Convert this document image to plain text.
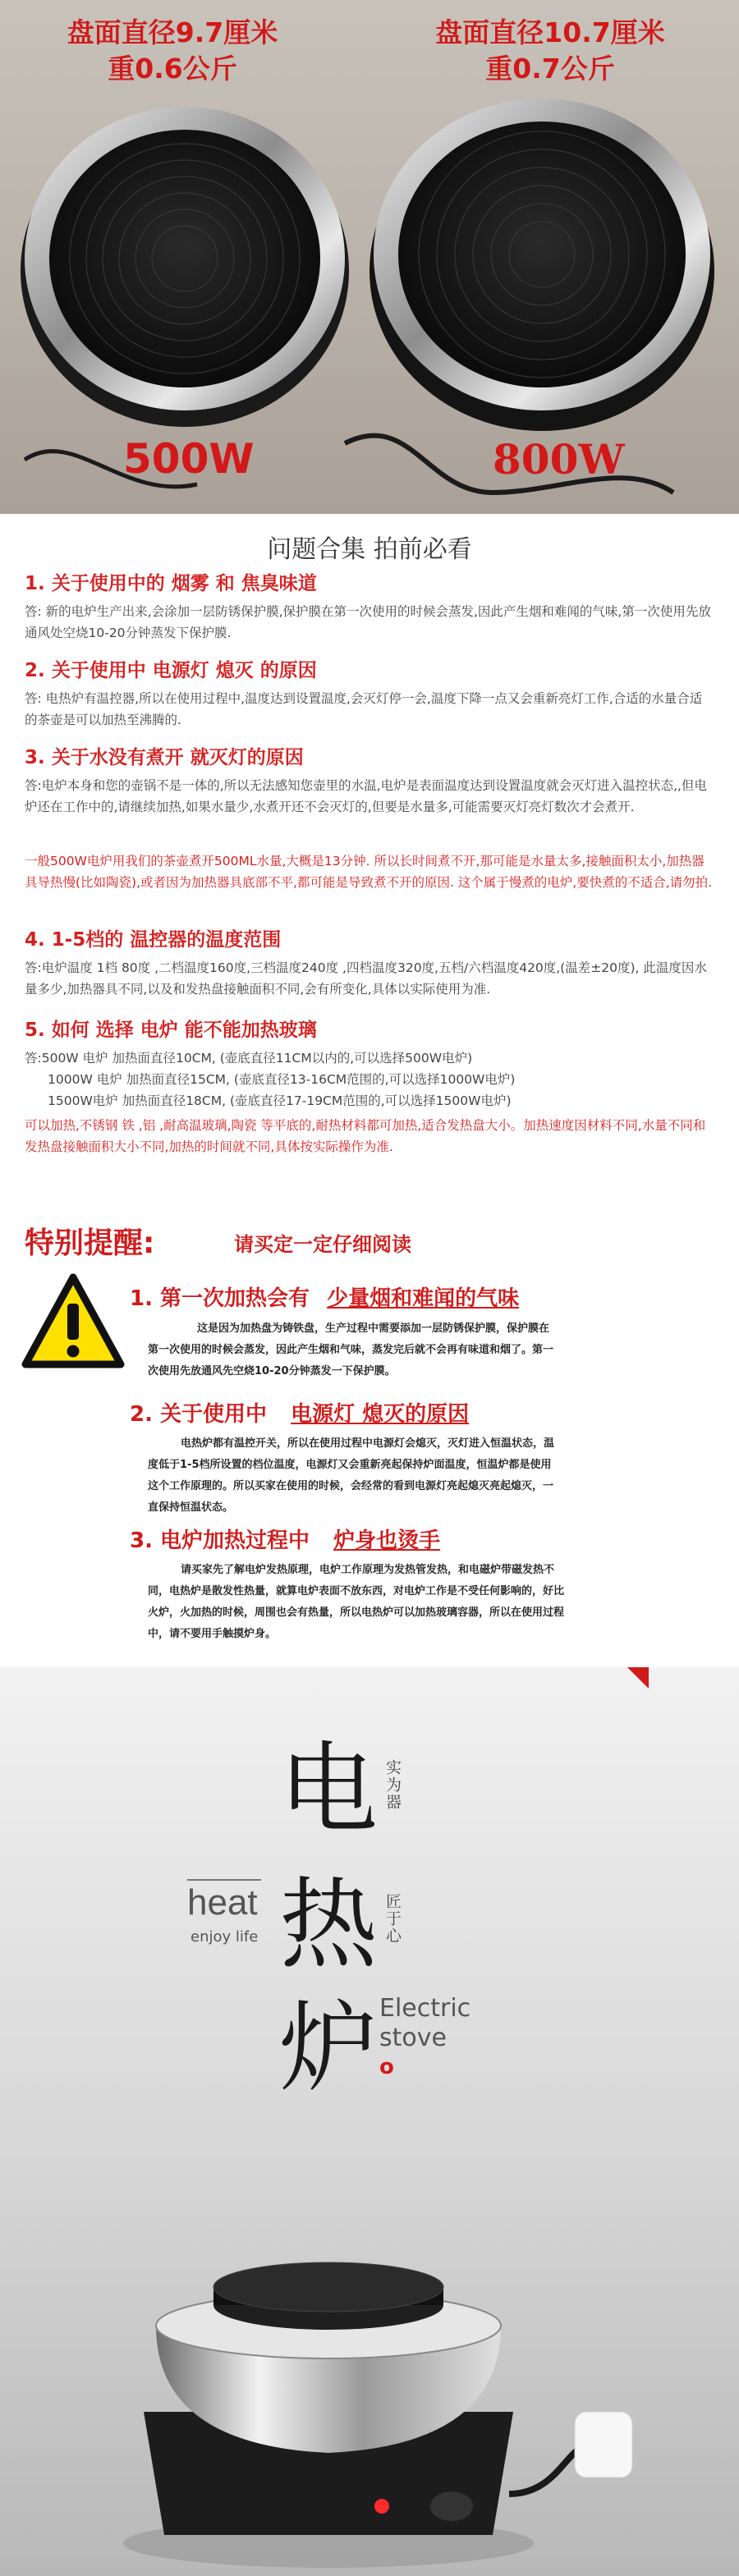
盘面直径9.7厘米
重0.6公斤
盘面直径10.7厘米
重0.7公斤
500W	800W
问题合集 拍前必看
1. 关于使用中的 烟雾 和 焦臭味道
答: 新的电炉生产出来,会涂加一层防锈保护膜,保护膜在第一次使用的时候会蒸发,因此产生烟和难闻的气味,第一次使用先放通风处空烧10-20分钟蒸发下保护膜.
2. 关于使用中 电源灯 熄灭 的原因
答: 电热炉有温控器,所以在使用过程中,温度达到设置温度,会灭灯停一会,温度下降一点又会重新亮灯工作,合适的水量合适的茶壶是可以加热至沸腾的.
3. 关于水没有煮开 就灭灯的原因
答:电炉本身和您的壶锅不是一体的,所以无法感知您壶里的水温,电炉是表面温度达到设置温度就会灭灯进入温控状态,,但电炉还在工作中的,请继续加热,如果水量少,水煮开还不会灭灯的,但要是水量多,可能需要灭灯亮灯数次才会煮开.
一般500W电炉用我们的茶壶煮开500ML水量,大概是13分钟. 所以长时间煮不开,那可能是水量太多,接触面积太小,加热器具导热慢(比如陶瓷),或者因为加热器具底部不平,都可能是导致煮不开的原因. 这个属于慢煮的电炉,要快煮的不适合,请勿拍.
4. 1-5档的 温控器的温度范围
答:电炉温度 1档 80度 ,二档温度160度,三档温度240度 ,四档温度320度,五档/六档温度420度,(温差±20度), 此温度因水量多少,加热器具不同,以及和发热盘接触面积不同,会有所变化,具体以实际使用为准.
5. 如何 选择 电炉 能不能加热玻璃
答:500W 电炉 加热面直径10CM, (壶底直径11CM以内的,可以选择500W电炉)
1000W 电炉 加热面直径15CM, (壶底直径13-16CM范围的,可以选择1000W电炉)
1500W电炉 加热面直径18CM, (壶底直径17-19CM范围的,可以选择1500W电炉)
可以加热,不锈钢 铁 ,铝 ,耐高温玻璃,陶瓷 等平底的,耐热材料都可加热,适合发热盘大小。加热速度因材料不同,水量不同和发热盘接触面积大小不同,加热的时间就不同,具体按实际操作为准.
特别提醒:	请买定一定仔细阅读
1. 第一次加热会有 少量烟和难闻的气味
这是因为加热盘为铸铁盘，生产过程中需要添加一层防锈保护膜，保护膜在第一次使用的时候会蒸发，因此产生烟和气味，蒸发完后就不会再有味道和烟了。第一次使用先放通风先空烧10-20分钟蒸发一下保护膜。
2. 关于使用中 电源灯 熄灭的原因
电热炉都有温控开关，所以在使用过程中电源灯会熄灭，灭灯进入恒温状态，温度低于1-5档所设置的档位温度，电源灯又会重新亮起保持炉面温度，恒温炉都是使用这个工作原理的。所以买家在使用的时候，会经常的看到电源灯亮起熄灭亮起熄灭，一直保持恒温状态。
3. 电炉加热过程中 炉身也烫手
请买家先了解电炉发热原理，电炉工作原理为发热管发热，和电磁炉带磁发热不同，电热炉是散发性热量，就算电炉表面不放东西，对电炉工作是不受任何影响的，好比火炉，火加热的时候，周围也会有热量，所以电热炉可以加热玻璃容器，所以在使用过程中，请不要用手触摸炉身。
电
热
炉
实为器
匠于心
heat
enjoy life
Electric
stove
o
